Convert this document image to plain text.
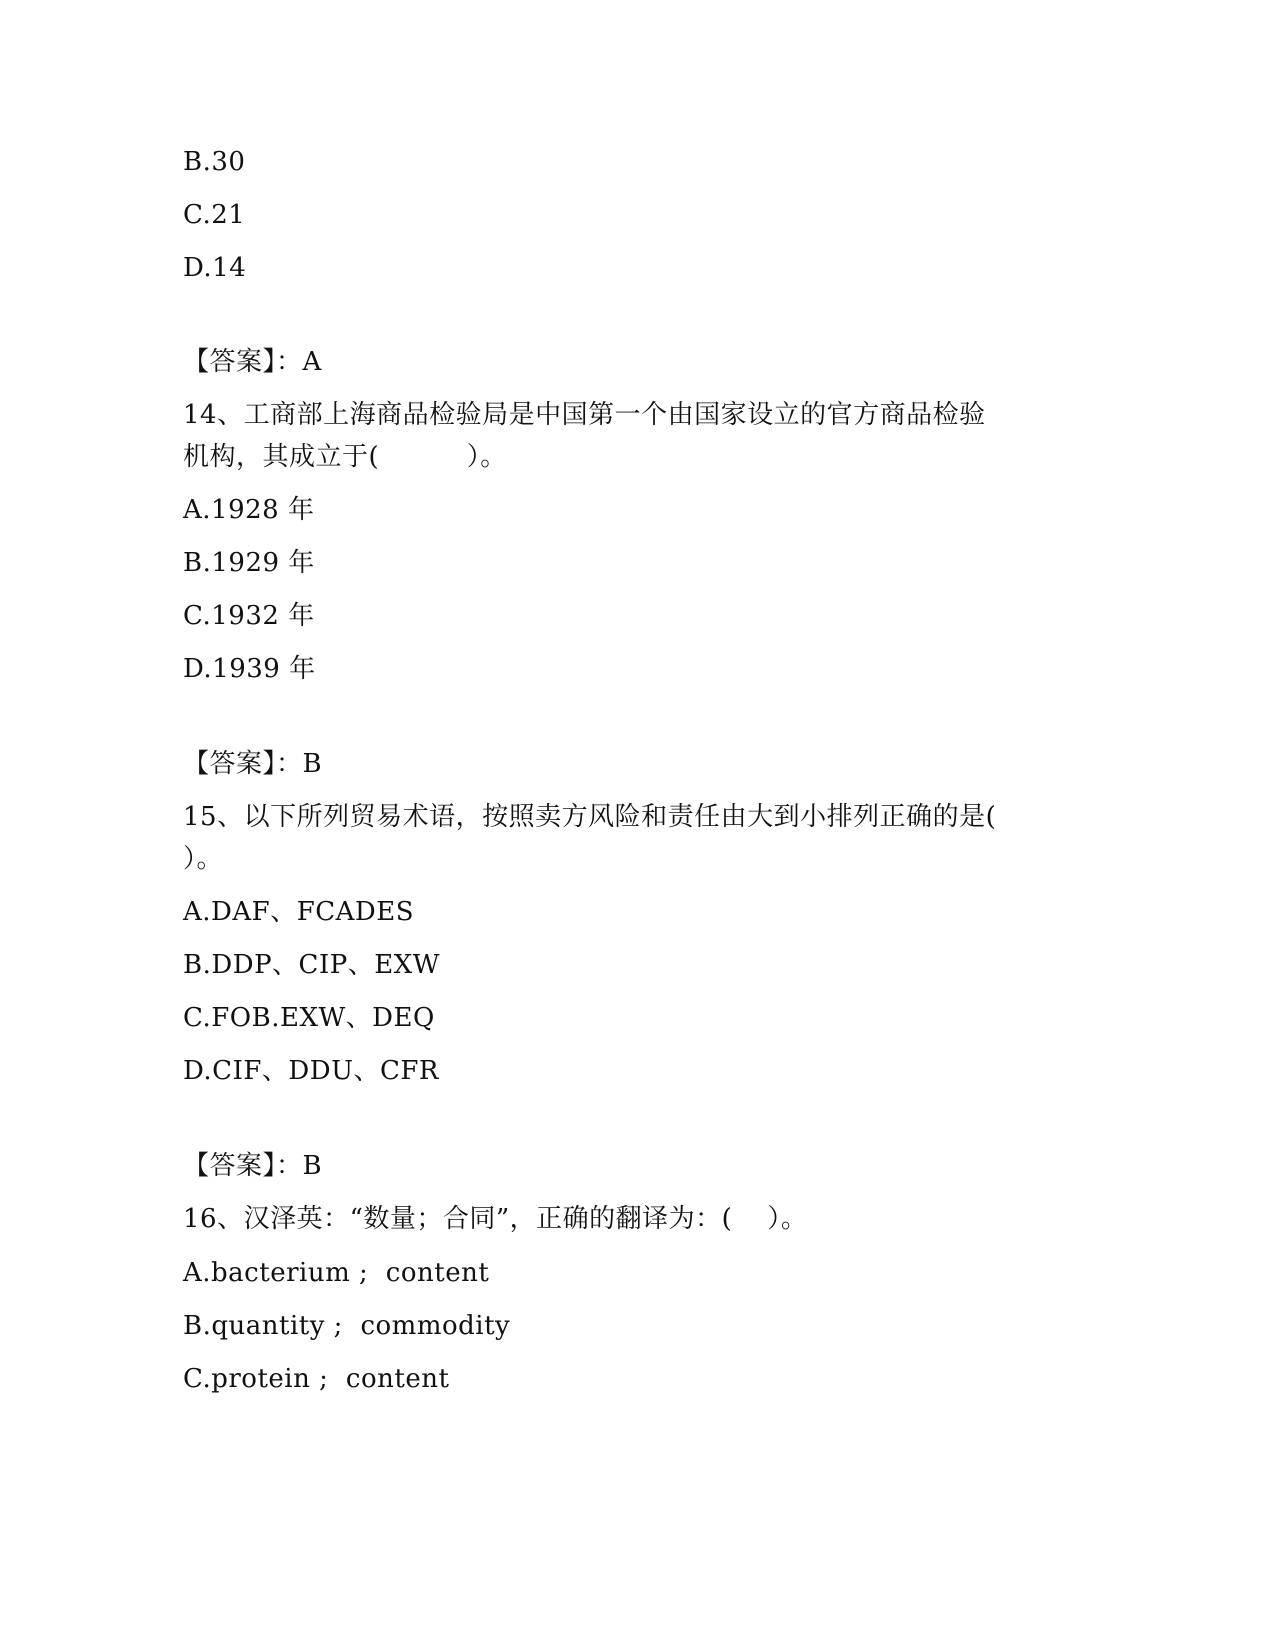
B.30
C.21
D.14
【答案】：A
14、工商部上海商品检验局是中国第一个由国家设立的官方商品检验
机构，其成立于(          ）。
A.1928 年
B.1929 年
C.1932 年
D.1939 年
【答案】：B
15、以下所列贸易术语，按照卖方风险和责任由大到小排列正确的是(
）。
A.DAF、FCADES
B.DDP、CIP、EXW
C.FOB.EXW、DEQ
D.CIF、DDU、CFR
【答案】：B
16、汉泽英：“数量；合同”，正确的翻译为：(    ）。
A.bacterium ;  content
B.quantity ;  commodity
C.protein ;  content
